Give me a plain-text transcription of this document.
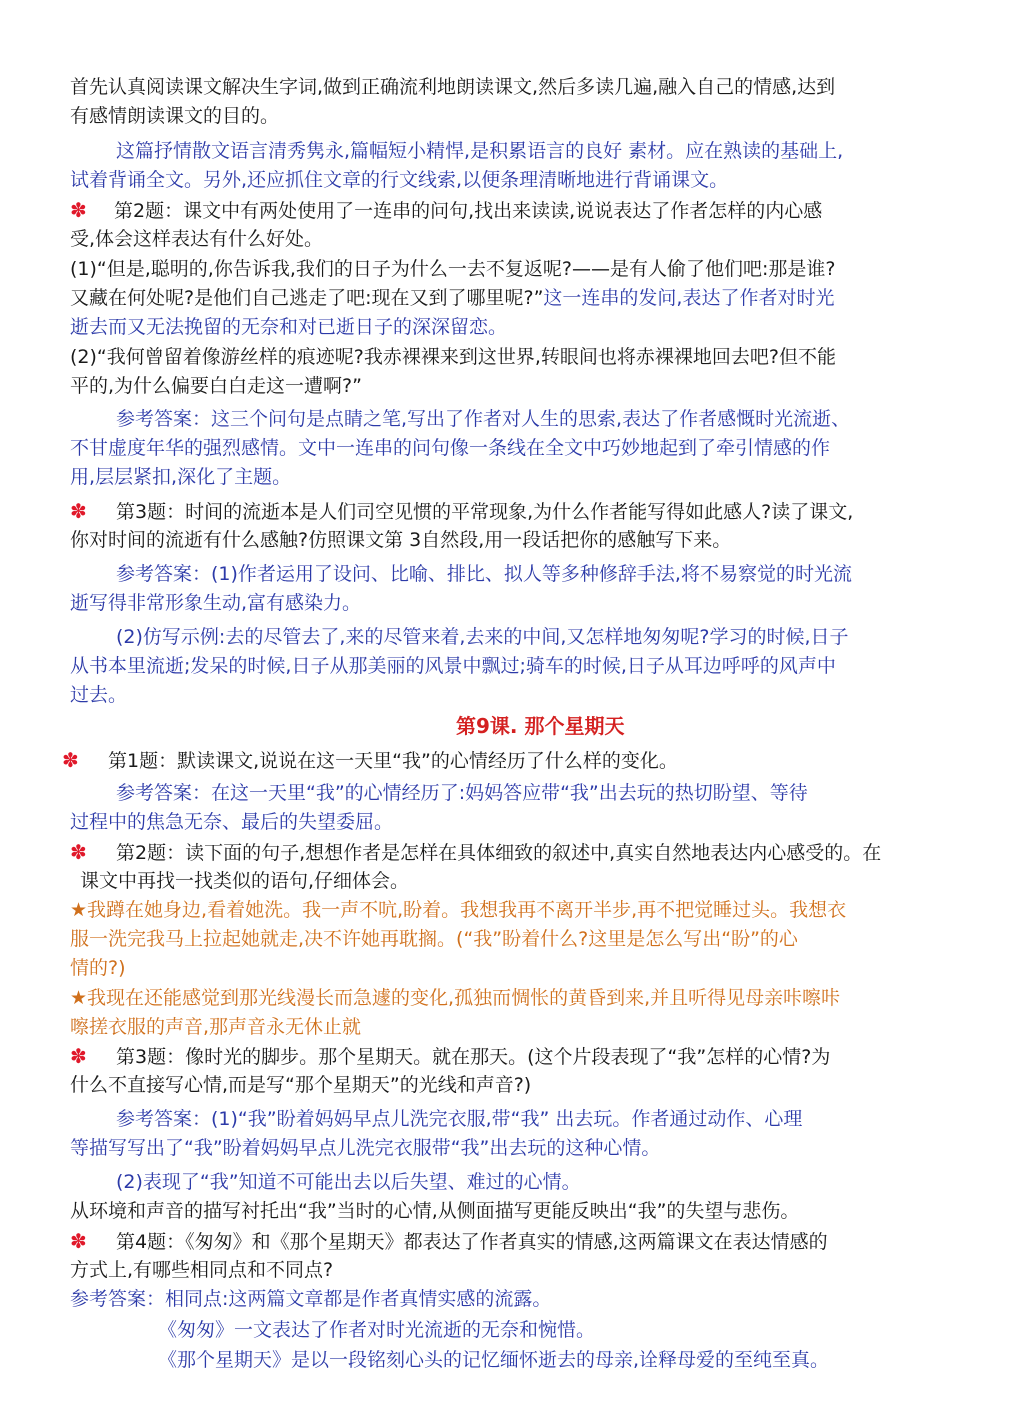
首先认真阅读课文解决生字词,做到正确流利地朗读课文,然后多读几遍,融入自己的情感,达到
有感情朗读课文的目的。
这篇抒情散文语言清秀隽永,篇幅短小精悍,是积累语言的良好 素材。应在熟读的基础上,
试着背诵全文。另外,还应抓住文章的行文线索,以便条理清晰地进行背诵课文。
✽ 第2题：课文中有两处使用了一连串的问句,找出来读读,说说表达了作者怎样的内心感
受,体会这样表达有什么好处。
(1)“但是,聪明的,你告诉我,我们的日子为什么一去不复返呢?——是有人偷了他们吧:那是谁?
又藏在何处呢?是他们自己逃走了吧:现在又到了哪里呢?”这一连串的发问,表达了作者对时光
逝去而又无法挽留的无奈和对已逝日子的深深留恋。
(2)“我何曾留着像游丝样的痕迹呢?我赤裸裸来到这世界,转眼间也将赤裸裸地回去吧?但不能
平的,为什么偏要白白走这一遭啊?”
参考答案：这三个问句是点睛之笔,写出了作者对人生的思索,表达了作者感慨时光流逝、
不甘虚度年华的强烈感情。文中一连串的问句像一条线在全文中巧妙地起到了牵引情感的作
用,层层紧扣,深化了主题。
✽ 第3题：时间的流逝本是人们司空见惯的平常现象,为什么作者能写得如此感人?读了课文,
你对时间的流逝有什么感触?仿照课文第 3自然段,用一段话把你的感触写下来。
参考答案：(1)作者运用了设问、比喻、排比、拟人等多种修辞手法,将不易察觉的时光流
逝写得非常形象生动,富有感染力。
(2)仿写示例:去的尽管去了,来的尽管来着,去来的中间,又怎样地匆匆呢?学习的时候,日子
从书本里流逝;发呆的时候,日子从那美丽的风景中飘过;骑车的时候,日子从耳边呼呼的风声中
过去。
第9课. 那个星期天
✽ 第1题：默读课文,说说在这一天里“我”的心情经历了什么样的变化。
参考答案：在这一天里“我”的心情经历了:妈妈答应带“我”出去玩的热切盼望、等待
过程中的焦急无奈、最后的失望委屈。
✽ 第2题：读下面的句子,想想作者是怎样在具体细致的叙述中,真实自然地表达内心感受的。在
课文中再找一找类似的语句,仔细体会。
★我蹲在她身边,看着她洗。我一声不吭,盼着。我想我再不离开半步,再不把觉睡过头。我想衣
服一洗完我马上拉起她就走,决不许她再耽搁。(“我”盼着什么?这里是怎么写出“盼”的心
情的?)
★我现在还能感觉到那光线漫长而急遽的变化,孤独而惆怅的黄昏到来,并且听得见母亲咔嚓咔
嚓搓衣服的声音,那声音永无休止就
✽ 第3题：像时光的脚步。那个星期天。就在那天。(这个片段表现了“我”怎样的心情?为
什么不直接写心情,而是写“那个星期天”的光线和声音?)
参考答案：(1)“我”盼着妈妈早点儿洗完衣服,带“我” 出去玩。作者通过动作、心理
等描写写出了“我”盼着妈妈早点儿洗完衣服带“我”出去玩的这种心情。
(2)表现了“我”知道不可能出去以后失望、难过的心情。
从环境和声音的描写衬托出“我”当时的心情,从侧面描写更能反映出“我”的失望与悲伤。
✽ 第4题：《匆匆》和《那个星期天》都表达了作者真实的情感,这两篇课文在表达情感的
方式上,有哪些相同点和不同点?
参考答案：相同点:这两篇文章都是作者真情实感的流露。
《匆匆》一文表达了作者对时光流逝的无奈和惋惜。
《那个星期天》是以一段铭刻心头的记忆缅怀逝去的母亲,诠释母爱的至纯至真。
